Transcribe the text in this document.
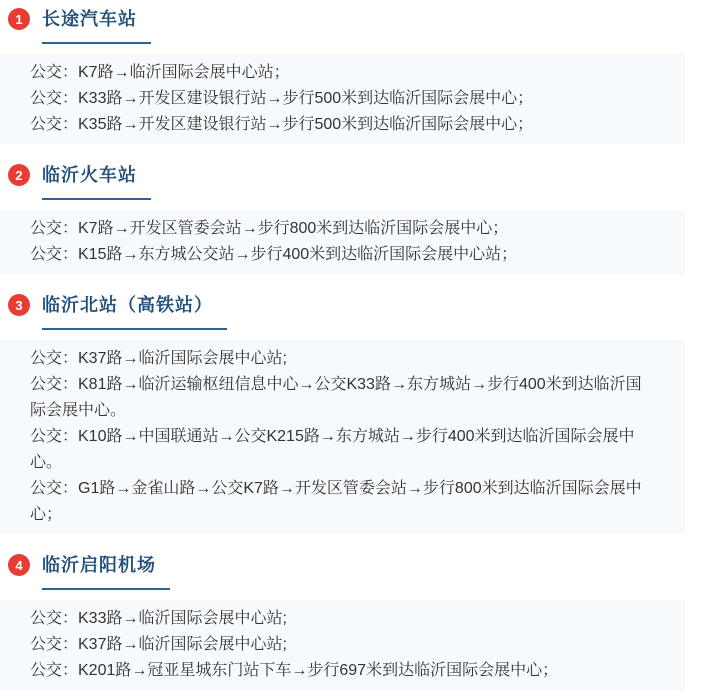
1	长途汽车站

公交：K7路→临沂国际会展中心站；

公交：K33路→开发区建设银行站→步行500米到达临沂国际会展中心；

公交：K35路→开发区建设银行站→步行500米到达临沂国际会展中心；

2	临沂火车站

公交：K7路→开发区管委会站→步行800米到达临沂国际会展中心；

公交：K15路→东方城公交站→步行400米到达临沂国际会展中心站；

3	临沂北站（高铁站）

公交：K37路→临沂国际会展中心站;

公交：K81路→临沂运输枢纽信息中心→公交K33路→东方城站→步行400米到达临沂国际会展中心。

公交：K10路→中国联通站→公交K215路→东方城站→步行400米到达临沂国际会展中心。

公交：G1路→金雀山路→公交K7路→开发区管委会站→步行800米到达临沂国际会展中心；

4	临沂启阳机场

公交：K33路→临沂国际会展中心站;

公交：K37路→临沂国际会展中心站;

公交：K201路→冠亚星城东门站下车→步行697米到达临沂国际会展中心；
